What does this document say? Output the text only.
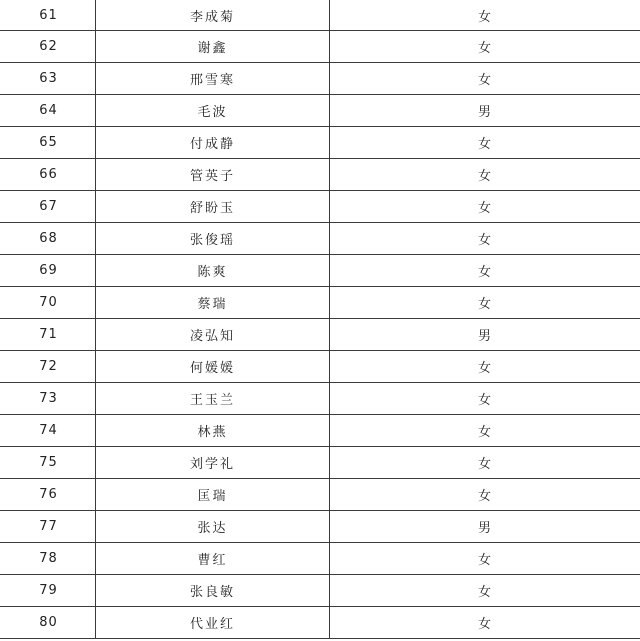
61	李成菊	女
62	谢鑫	女
63	邢雪寒	女
64	毛波	男
65	付成静	女
66	管英子	女
67	舒盼玉	女
68	张俊瑶	女
69	陈爽	女
70	蔡瑞	女
71	凌弘知	男
72	何媛媛	女
73	王玉兰	女
74	林燕	女
75	刘学礼	女
76	匡瑞	女
77	张达	男
78	曹红	女
79	张良敏	女
80	代业红	女
